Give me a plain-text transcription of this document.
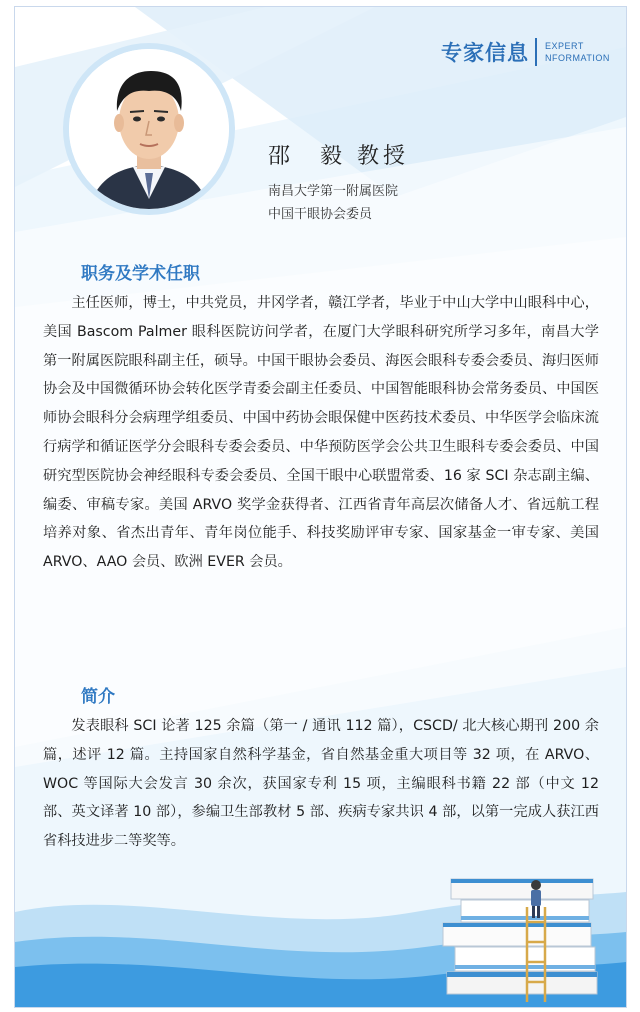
专家信息 EXPERT
NFORMATION
邵　毅 教授
南昌大学第一附属医院
中国干眼协会委员
职务及学术任职

主任医师，博士，中共党员，井冈学者，赣江学者，毕业于中山大学中山眼科中心，美国 Bascom Palmer 眼科医院访问学者，在厦门大学眼科研究所学习多年，南昌大学第一附属医院眼科副主任，硕导。中国干眼协会委员、海医会眼科专委会委员、海归医师协会及中国微循环协会转化医学青委会副主任委员、中国智能眼科协会常务委员、中国医师协会眼科分会病理学组委员、中国中药协会眼保健中医药技术委员、中华医学会临床流行病学和循证医学分会眼科专委会委员、中华预防医学会公共卫生眼科专委会委员、中国研究型医院协会神经眼科专委会委员、全国干眼中心联盟常委、16 家 SCI 杂志副主编、编委、审稿专家。美国 ARVO 奖学金获得者、江西省青年高层次储备人才、省远航工程培养对象、省杰出青年、青年岗位能手、科技奖励评审专家、国家基金一审专家、美国 ARVO、AAO 会员、欧洲 EVER 会员。

简介

发表眼科 SCI 论著 125 余篇（第一 / 通讯 112 篇），CSCD/ 北大核心期刊 200 余篇，述评 12 篇。主持国家自然科学基金，省自然基金重大项目等 32 项，在 ARVO、WOC 等国际大会发言 30 余次，获国家专利 15 项，主编眼科书籍 22 部（中文 12 部、英文译著 10 部），参编卫生部教材 5 部、疾病专家共识 4 部，以第一完成人获江西省科技进步二等奖等。
